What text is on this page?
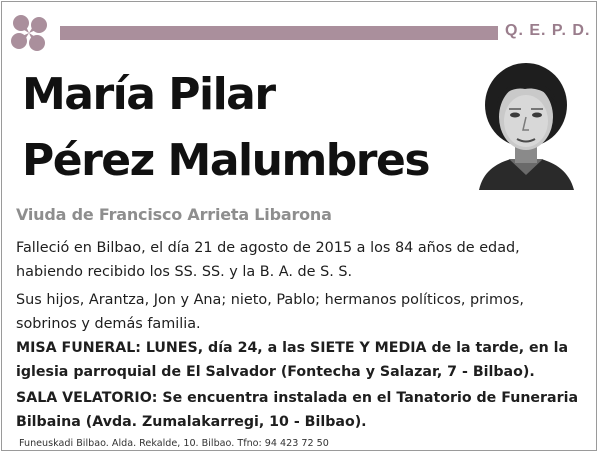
Q. E. P. D.
María Pilar
Pérez Malumbres
Viuda de Francisco Arrieta Libarona
Falleció en Bilbao, el día 21 de agosto de 2015 a los 84 años de edad, habiendo recibido los SS. SS. y la B. A. de S. S.
Sus hijos, Arantza, Jon y Ana; nieto, Pablo; hermanos políticos, primos, sobrinos y demás familia.
MISA FUNERAL: LUNES, día 24, a las SIETE Y MEDIA de la tarde, en la iglesia parroquial de El Salvador (Fontecha y Salazar, 7 - Bilbao).
SALA VELATORIO: Se encuentra instalada en el Tanatorio de Funeraria Bilbaina (Avda. Zumalakarregi, 10 - Bilbao).
Funeuskadi Bilbao. Alda. Rekalde, 10. Bilbao. Tfno: 94 423 72 50
